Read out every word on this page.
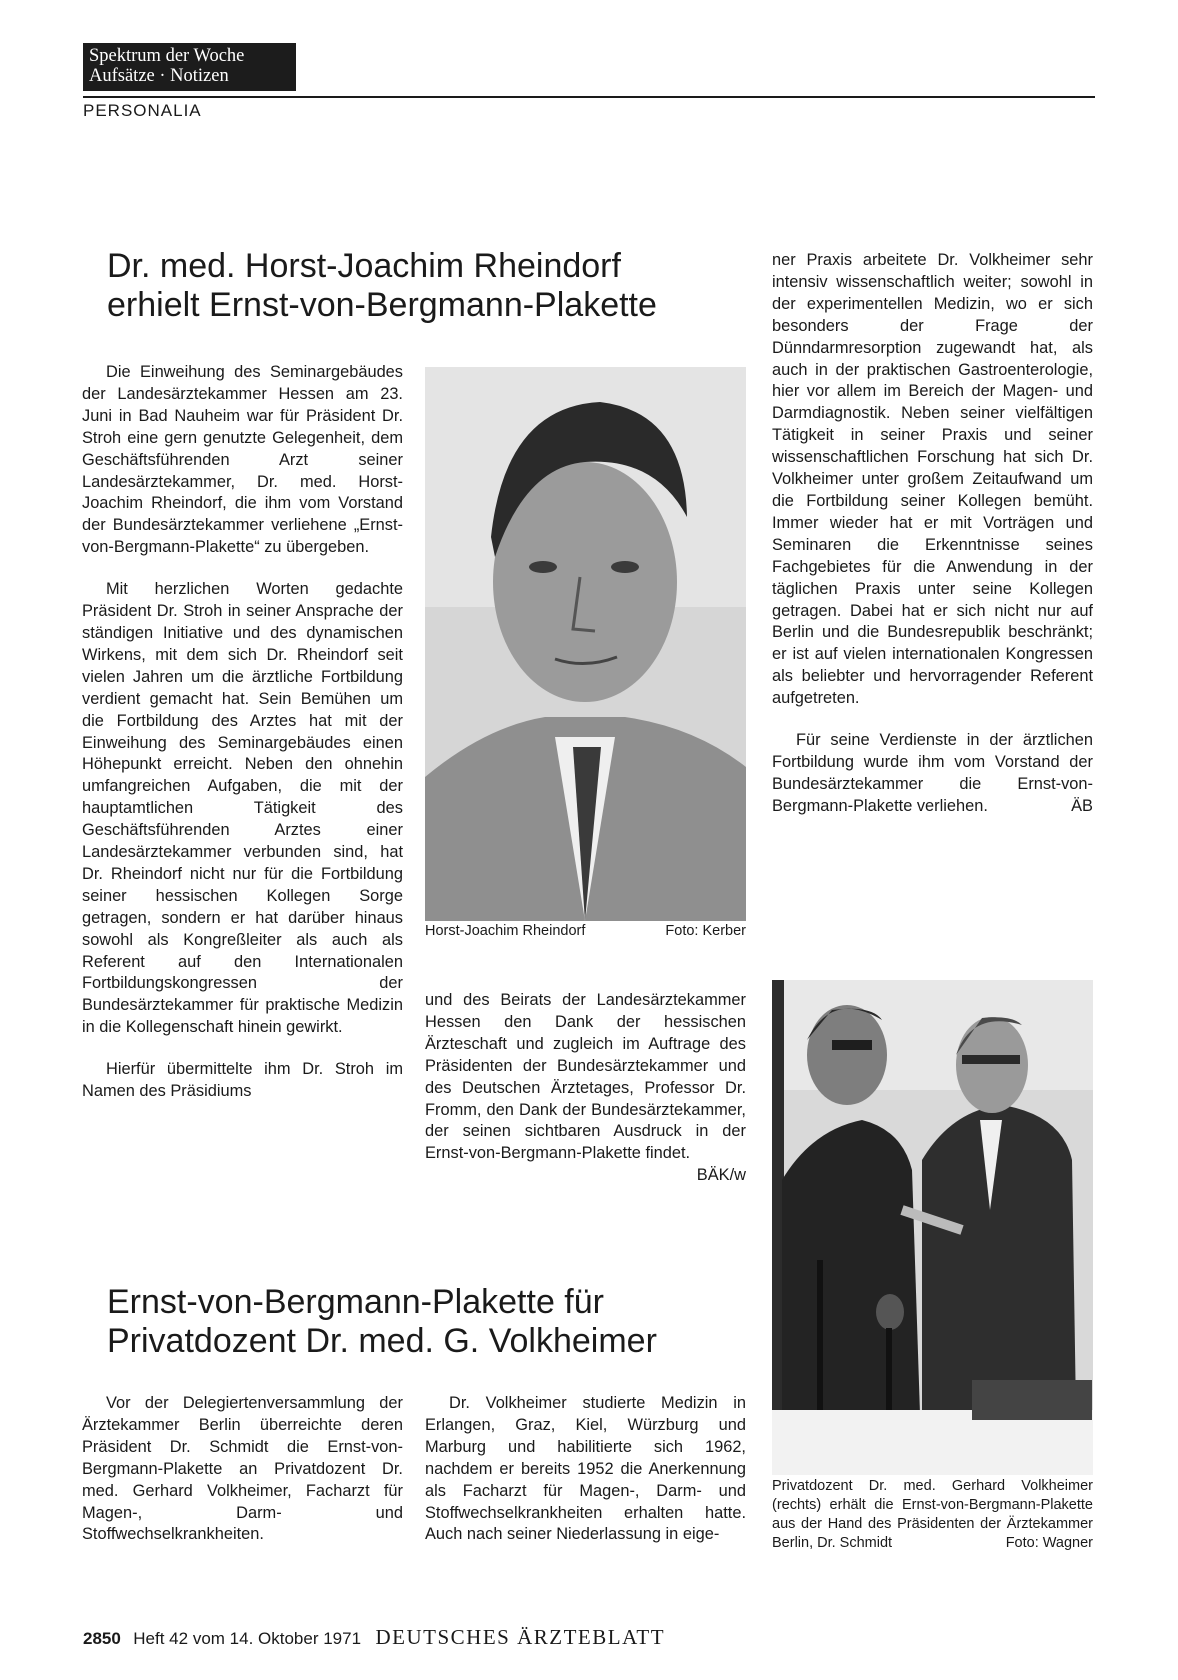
Spektrum der Woche
Aufsätze · Notizen
PERSONALIA
Dr. med. Horst-Joachim Rheindorf
erhielt Ernst-von-Bergmann-Plakette

Die Einweihung des Seminargebäudes der Landesärztekammer Hessen am 23. Juni in Bad Nauheim war für Präsident Dr. Stroh eine gern genutzte Gelegenheit, dem Geschäftsführenden Arzt seiner Landesärztekammer, Dr. med. Horst-Joachim Rheindorf, die ihm vom Vorstand der Bundesärztekammer verliehene „Ernst-von-Bergmann-Plakette“ zu übergeben.

Mit herzlichen Worten gedachte Präsident Dr. Stroh in seiner Ansprache der ständigen Initiative und des dynamischen Wirkens, mit dem sich Dr. Rheindorf seit vielen Jahren um die ärztliche Fortbildung verdient gemacht hat. Sein Bemühen um die Fortbildung des Arztes hat mit der Einweihung des Seminargebäudes einen Höhepunkt erreicht. Neben den ohnehin umfangreichen Aufgaben, die mit der hauptamtlichen Tätigkeit des Geschäftsführenden Arztes einer Landesärztekammer verbunden sind, hat Dr. Rheindorf nicht nur für die Fortbildung seiner hessischen Kollegen Sorge getragen, sondern er hat darüber hinaus sowohl als Kongreßleiter als auch als Referent auf den Internationalen Fortbildungskongressen der Bundesärztekammer für praktische Medizin in die Kollegenschaft hinein gewirkt.

Hierfür übermittelte ihm Dr. Stroh im Namen des Präsidiums

Horst-Joachim Rheindorf	Foto: Kerber

und des Beirats der Landesärztekammer Hessen den Dank der hessischen Ärzteschaft und zugleich im Auftrage des Präsidenten der Bundesärztekammer und des Deutschen Ärztetages, Professor Dr. Fromm, den Dank der Bundesärztekammer, der seinen sichtbaren Ausdruck in der Ernst-von-Bergmann-Plakette findet.
BÄK/w

Ernst-von-Bergmann-Plakette für
Privatdozent Dr. med. G. Volkheimer

Vor der Delegiertenversammlung der Ärztekammer Berlin überreichte deren Präsident Dr. Schmidt die Ernst-von-Bergmann-Plakette an Privatdozent Dr. med. Gerhard Volkheimer, Facharzt für Magen-, Darm- und Stoffwechselkrankheiten.

Dr. Volkheimer studierte Medizin in Erlangen, Graz, Kiel, Würzburg und Marburg und habilitierte sich 1962, nachdem er bereits 1952 die Anerkennung als Facharzt für Magen-, Darm- und Stoffwechselkrankheiten erhalten hatte. Auch nach seiner Niederlassung in eige-

ner Praxis arbeitete Dr. Volkheimer sehr intensiv wissenschaftlich weiter; sowohl in der experimentellen Medizin, wo er sich besonders der Frage der Dünndarmresorption zugewandt hat, als auch in der praktischen Gastroenterologie, hier vor allem im Bereich der Magen- und Darmdiagnostik. Neben seiner vielfältigen Tätigkeit in seiner Praxis und seiner wissenschaftlichen Forschung hat sich Dr. Volkheimer unter großem Zeitaufwand um die Fortbildung seiner Kollegen bemüht. Immer wieder hat er mit Vorträgen und Seminaren die Erkenntnisse seines Fachgebietes für die Anwendung in der täglichen Praxis unter seine Kollegen getragen. Dabei hat er sich nicht nur auf Berlin und die Bundesrepublik beschränkt; er ist auf vielen internationalen Kongressen als beliebter und hervorragender Referent aufgetreten.

Für seine Verdienste in der ärztlichen Fortbildung wurde ihm vom Vorstand der Bundesärztekammer die Ernst-von-Bergmann-Plakette verliehen.	ÄB

Privatdozent Dr. med. Gerhard Volkheimer (rechts) erhält die Ernst-von-Bergmann-Plakette aus der Hand des Präsidenten der Ärztekammer Berlin, Dr. Schmidt	Foto: Wagner
2850 Heft 42 vom 14. Oktober 1971 DEUTSCHES ÄRZTEBLATT
